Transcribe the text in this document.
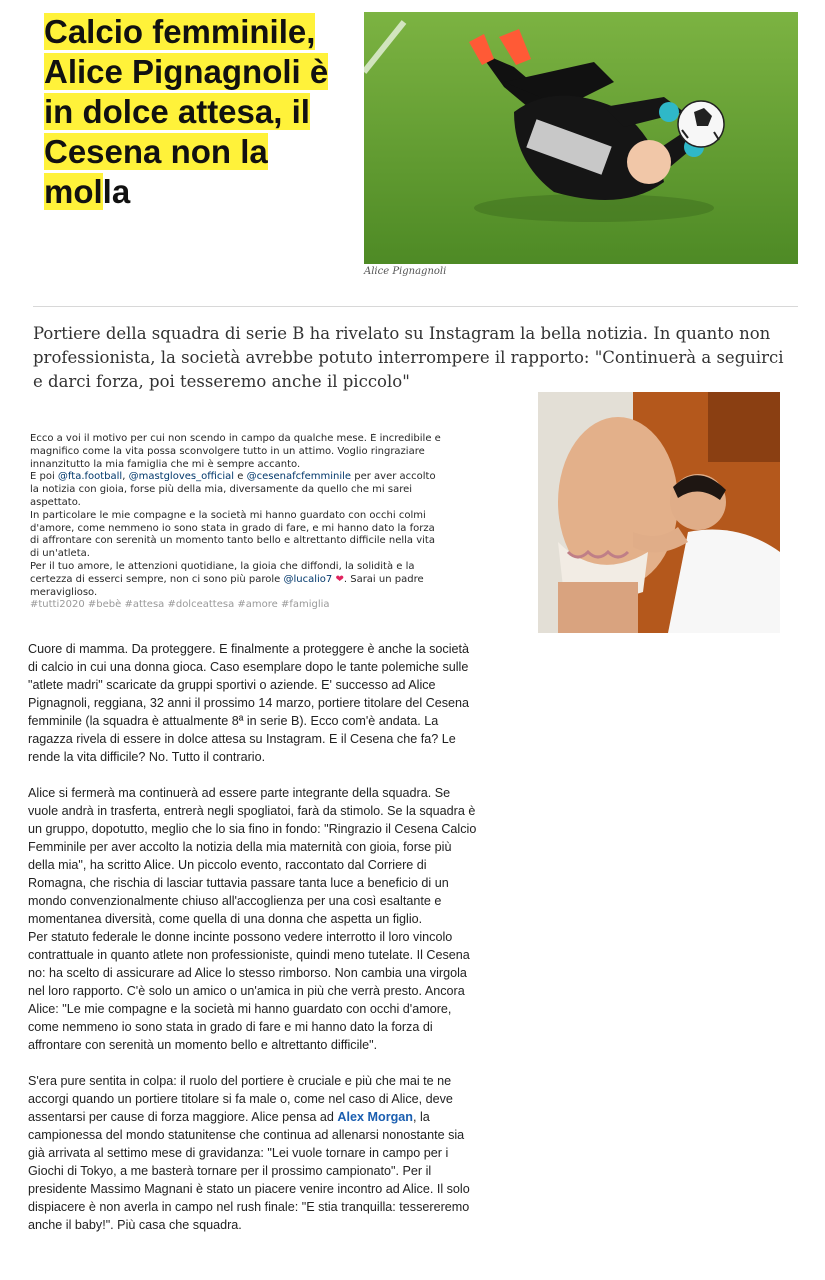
Calcio femminile,
Alice Pignagnoli è
in dolce attesa, il
Cesena non la
molla
Alice Pignagnoli

Portiere della squadra di serie B ha rivelato su Instagram la bella notizia. In quanto non professionista, la società avrebbe potuto interrompere il rapporto: "Continuerà a seguirci e darci forza, poi tesseremo anche il piccolo"

Ecco a voi il motivo per cui non scendo in campo da qualche mese. È incredibile e magnifico come la vita possa sconvolgere tutto in un attimo. Voglio ringraziare innanzitutto la mia famiglia che mi è sempre accanto.

E poi @fta.football, @mastgloves_official e @cesenafcfemminile per aver accolto la notizia con gioia, forse più della mia, diversamente da quello che mi sarei aspettato.

In particolare le mie compagne e la società mi hanno guardato con occhi colmi d'amore, come nemmeno io sono stata in grado di fare, e mi hanno dato la forza di affrontare con serenità un momento tanto bello e altrettanto difficile nella vita di un'atleta.

Per il tuo amore, le attenzioni quotidiane, la gioia che diffondi, la solidità e la certezza di esserci sempre, non ci sono più parole @lucalio7 ❤. Sarai un padre meraviglioso.

#tutti2020 #bebè #attesa #dolceattesa #amore #famiglia

Cuore di mamma. Da proteggere. E finalmente a proteggere è anche la società di calcio in cui una donna gioca. Caso esemplare dopo le tante polemiche sulle "atlete madri" scaricate da gruppi sportivi o aziende. E' successo ad Alice Pignagnoli, reggiana, 32 anni il prossimo 14 marzo, portiere titolare del Cesena femminile (la squadra è attualmente 8ª in serie B). Ecco com'è andata. La ragazza rivela di essere in dolce attesa su Instagram. E il Cesena che fa? Le rende la vita difficile? No. Tutto il contrario.

Alice si fermerà ma continuerà ad essere parte integrante della squadra. Se vuole andrà in trasferta, entrerà negli spogliatoi, farà da stimolo. Se la squadra è un gruppo, dopotutto, meglio che lo sia fino in fondo: "Ringrazio il Cesena Calcio Femminile per aver accolto la notizia della mia maternità con gioia, forse più della mia", ha scritto Alice. Un piccolo evento, raccontato dal Corriere di Romagna, che rischia di lasciar tuttavia passare tanta luce a beneficio di un mondo convenzionalmente chiuso all'accoglienza per una così esaltante e momentanea diversità, come quella di una donna che aspetta un figlio.

Per statuto federale le donne incinte possono vedere interrotto il loro vincolo contrattuale in quanto atlete non professioniste, quindi meno tutelate. Il Cesena no: ha scelto di assicurare ad Alice lo stesso rimborso. Non cambia una virgola nel loro rapporto. C'è solo un amico o un'amica in più che verrà presto. Ancora Alice: "Le mie compagne e la società mi hanno guardato con occhi d'amore, come nemmeno io sono stata in grado di fare e mi hanno dato la forza di affrontare con serenità un momento bello e altrettanto difficile".

S'era pure sentita in colpa: il ruolo del portiere è cruciale e più che mai te ne accorgi quando un portiere titolare si fa male o, come nel caso di Alice, deve assentarsi per cause di forza maggiore. Alice pensa ad Alex Morgan, la campionessa del mondo statunitense che continua ad allenarsi nonostante sia già arrivata al settimo mese di gravidanza: "Lei vuole tornare in campo per i Giochi di Tokyo, a me basterà tornare per il prossimo campionato". Per il presidente Massimo Magnani è stato un piacere venire incontro ad Alice. Il solo dispiacere è non averla in campo nel rush finale: "E stia tranquilla: tessereremo anche il baby!". Più casa che squadra.
